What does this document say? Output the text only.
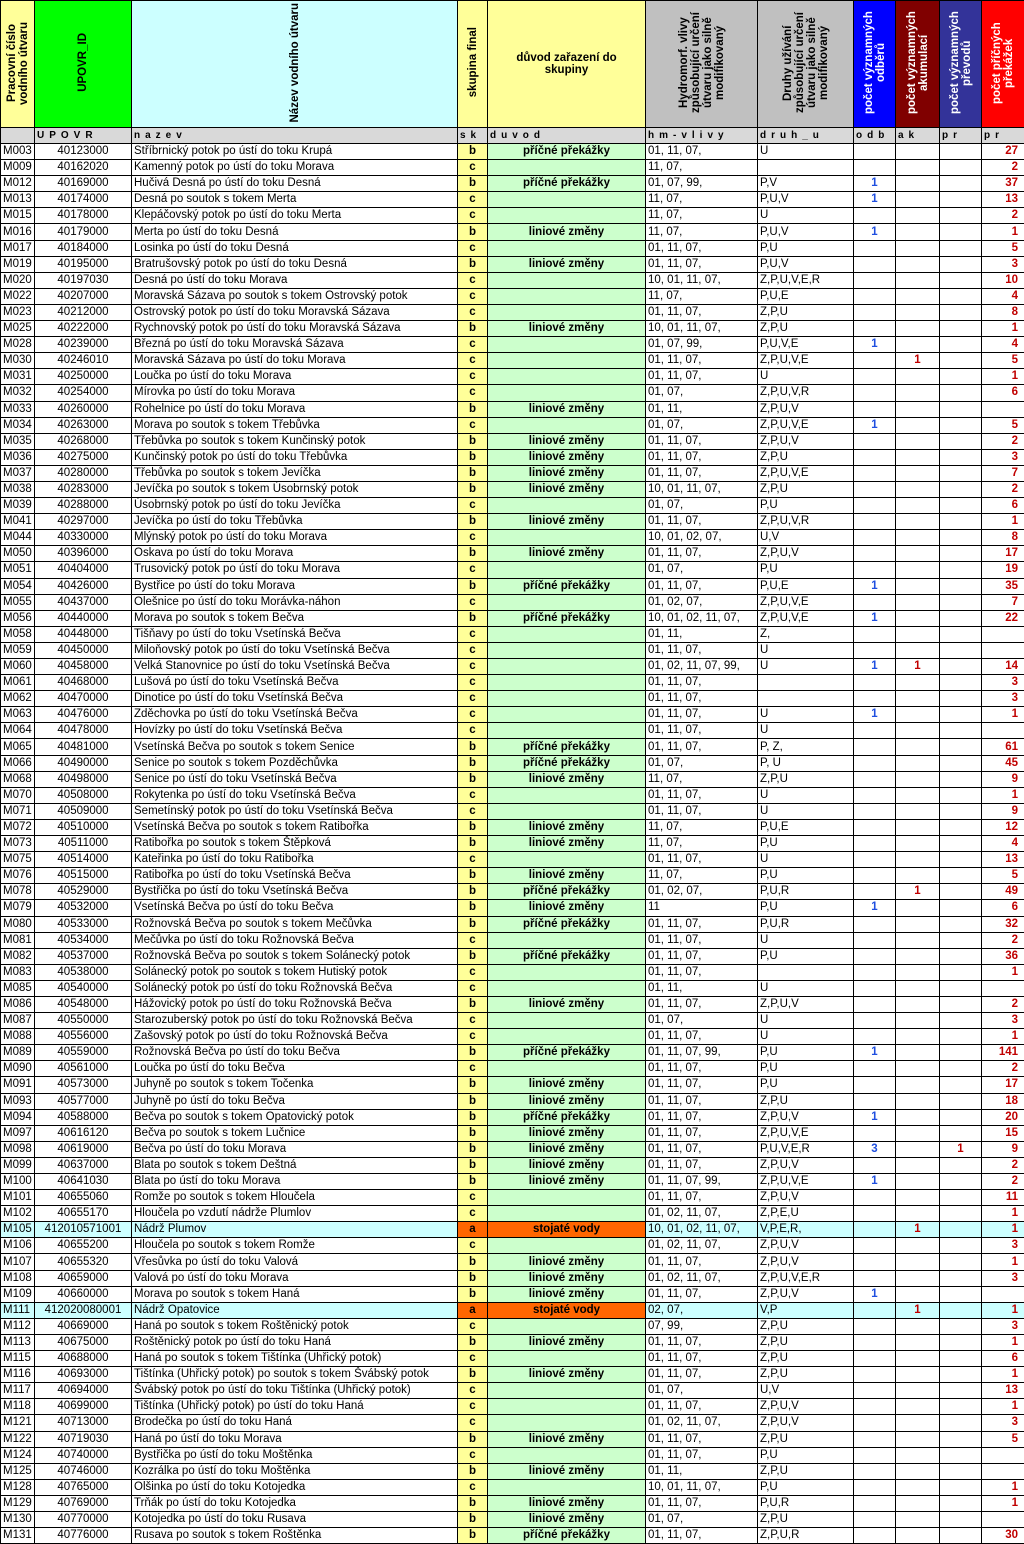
Pracovní číslo vodního útvaru	UPOVR_ID	Název vodního útvaru	skupina final	důvod zařazení do skupiny	Hydromorf. vlivy způsobující určení útvaru jako silně modifikovaný	Druhy užívání způsobující určení útvaru jako silně modifikovaný	počet významných odběrů	počet významných akumulací	počet významných převodů	počet příčných překážek
	UPOVR	nazev	sk	duvod	hm-vlivy	druh_u	odb	ak	pr	pr
M003	40123000	Stříbrnický potok po ústí do toku Krupá	b	příčné překážky	01, 11, 07,	U				27
M009	40162020	Kamenný potok po ústí do toku Morava	c		11, 07,					2
M012	40169000	Hučivá Desná po ústí do toku Desná	b	příčné překážky	01, 07, 99,	P,V	1			37
M013	40174000	Desná po soutok s tokem Merta	c		11, 07,	P,U,V	1			13
M015	40178000	Klepáčovský potok po ústí do toku Merta	c		11, 07,	U				2
M016	40179000	Merta po ústí do toku Desná	b	liniové změny	11, 07,	P,U,V	1			1
M017	40184000	Losinka po ústí do toku Desná	c		01, 11, 07,	P,U				5
M019	40195000	Bratrušovský potok po ústí do toku Desná	b	liniové změny	01, 11, 07,	P,U,V				3
M020	40197030	Desná po ústí do toku Morava	c		10, 01, 11, 07,	Z,P,U,V,E,R				10
M022	40207000	Moravská Sázava po soutok s tokem Ostrovský potok	c		11, 07,	P,U,E				4
M023	40212000	Ostrovský potok po ústí do toku Moravská Sázava	c		01, 11, 07,	Z,P,U				8
M025	40222000	Rychnovský potok po ústí do toku Moravská Sázava	b	liniové změny	10, 01, 11, 07,	Z,P,U				1
M028	40239000	Březná po ústí do toku Moravská Sázava	c		01, 07, 99,	P,U,V,E	1			4
M030	40246010	Moravská Sázava po ústí do toku Morava	c		01, 11, 07,	Z,P,U,V,E		1		5
M031	40250000	Loučka po ústí do toku Morava	c		01, 11, 07,	U				1
M032	40254000	Mírovka po ústí do toku Morava	c		01, 07,	Z,P,U,V,R				6
M033	40260000	Rohelnice po ústí do toku Morava	b	liniové změny	01, 11,	Z,P,U,V				
M034	40263000	Morava po soutok s tokem Třebůvka	c		01, 07,	Z,P,U,V,E	1			5
M035	40268000	Třebůvka po soutok s tokem Kunčinský potok	b	liniové změny	01, 11, 07,	Z,P,U,V				2
M036	40275000	Kunčinský potok po ústí do toku Třebůvka	b	liniové změny	01, 11, 07,	Z,P,U				3
M037	40280000	Třebůvka po soutok s tokem Jevíčka	b	liniové změny	01, 11, 07,	Z,P,U,V,E				7
M038	40283000	Jevíčka po soutok s tokem Úsobrnský potok	b	liniové změny	10, 01, 11, 07,	Z,P,U				2
M039	40288000	Úsobrnský potok po ústí do toku Jevíčka	c		01, 07,	P,U				6
M041	40297000	Jevíčka po ústí do toku Třebůvka	b	liniové změny	01, 11, 07,	Z,P,U,V,R				1
M044	40330000	Mlýnský potok po ústí do toku Morava	c		10, 01, 02, 07,	U,V				8
M050	40396000	Oskava po ústí do toku Morava	b	liniové změny	01, 11, 07,	Z,P,U,V				17
M051	40404000	Trusovický potok po ústí do toku Morava	c		01, 07,	P,U				19
M054	40426000	Bystřice po ústí do toku Morava	b	příčné překážky	01, 11, 07,	P,U,E	1			35
M055	40437000	Olešnice po ústí do toku Morávka-náhon	c		01, 02, 07,	Z,P,U,V,E				7
M056	40440000	Morava po soutok s tokem Bečva	b	příčné překážky	10, 01, 02, 11, 07,	Z,P,U,V,E	1			22
M058	40448000	Tišňavy po ústí do toku Vsetínská Bečva	c		01, 11,	Z,				
M059	40450000	Miloňovský potok po ústí do toku Vsetínská Bečva	c		01, 11, 07,	U				
M060	40458000	Velká Stanovnice po ústí do toku Vsetínská Bečva	c		01, 02, 11, 07, 99,	U	1	1		14
M061	40468000	Lušová po ústí do toku Vsetínská Bečva	c		01, 11, 07,					3
M062	40470000	Dinotice po ústí do toku Vsetínská Bečva	c		01, 11, 07,					3
M063	40476000	Zděchovka po ústí do toku Vsetínská Bečva	c		01, 11, 07,	U	1			1
M064	40478000	Hovízky po ústí do toku Vsetínská Bečva	c		01, 11, 07,	U				
M065	40481000	Vsetínská Bečva po soutok s tokem Senice	b	příčné překážky	01, 11, 07,	P, Z,				61
M066	40490000	Senice po soutok s tokem Pozděchůvka	b	příčné překážky	01, 07,	P, U				45
M068	40498000	Senice po ústí do toku Vsetínská Bečva	b	liniové změny	11, 07,	Z,P,U				9
M070	40508000	Rokytenka po ústí do toku Vsetínská Bečva	c		01, 11, 07,	U				1
M071	40509000	Semetínský potok po ústí do toku Vsetínská Bečva	c		01, 11, 07,	U				9
M072	40510000	Vsetínská Bečva po soutok s tokem Ratibořka	b	liniové změny	11, 07,	P,U,E				12
M073	40511000	Ratibořka po soutok s tokem Štěpková	b	liniové změny	11, 07,	P,U				4
M075	40514000	Kateřinka po ústí do toku Ratibořka	c		01, 11, 07,	U				13
M076	40515000	Ratibořka po ústí do toku Vsetínská Bečva	b	liniové změny	11, 07,	P,U				5
M078	40529000	Bystřička po ústí do toku Vsetínská Bečva	b	příčné překážky	01, 02, 07,	P,U,R		1		49
M079	40532000	Vsetínská Bečva po ústí do toku Bečva	b	liniové změny	11	P,U	1			6
M080	40533000	Rožnovská Bečva po soutok s tokem Mečůvka	b	příčné překážky	01, 11, 07,	P,U,R				32
M081	40534000	Mečůvka po ústí do toku Rožnovská Bečva	c		01, 11, 07,	U				2
M082	40537000	Rožnovská Bečva po soutok s tokem Solánecký potok	b	příčné překážky	01, 11, 07,	P,U				36
M083	40538000	Solánecký potok po soutok s tokem Hutiský potok	c		01, 11, 07,					1
M085	40540000	Solánecký potok po ústí do toku Rožnovská Bečva	c		01, 11,	U				
M086	40548000	Hážovický potok po ústí do toku Rožnovská Bečva	b	liniové změny	01, 11, 07,	Z,P,U,V				2
M087	40550000	Starozuberský potok po ústí do toku Rožnovská Bečva	c		01, 07,	U				3
M088	40556000	Zašovský potok po ústí do toku Rožnovská Bečva	c		01, 11, 07,	U				1
M089	40559000	Rožnovská Bečva po ústí do toku Bečva	b	příčné překážky	01, 11, 07, 99,	P,U	1			141
M090	40561000	Loučka po ústí do toku Bečva	c		01, 11, 07,	P,U				2
M091	40573000	Juhyně po soutok s tokem Točenka	b	liniové změny	01, 11, 07,	P,U				17
M093	40577000	Juhyně po ústí do toku Bečva	b	liniové změny	01, 11, 07,	Z,P,U				18
M094	40588000	Bečva po soutok s tokem Opatovický potok	b	příčné překážky	01, 11, 07,	Z,P,U,V	1			20
M097	40616120	Bečva po soutok s tokem Lučnice	b	liniové změny	01, 11, 07,	Z,P,U,V,E				15
M098	40619000	Bečva po ústí do toku Morava	b	liniové změny	01, 11, 07,	P,U,V,E,R	3		1	9
M099	40637000	Blata po soutok s tokem Deštná	b	liniové změny	01, 11, 07,	Z,P,U,V				2
M100	40641030	Blata po ústí do toku Morava	b	liniové změny	01, 11, 07, 99,	Z,P,U,V,E	1			2
M101	40655060	Romže po soutok s tokem Hloučela	c		01, 11, 07,	Z,P,U,V				11
M102	40655170	Hloučela po vzdutí nádrže Plumlov	c		01, 02, 11, 07,	Z,P,E,U				1
M105	412010571001	Nádrž Plumov	a	stojaté vody	10, 01, 02, 11, 07,	V,P,E,R,		1		1
M106	40655200	Hloučela po soutok s tokem Romže	c		01, 02, 11, 07,	Z,P,U,V				3
M107	40655320	Vřesůvka po ústí do toku Valová	b	liniové změny	01, 11, 07,	Z,P,U,V				1
M108	40659000	Valová po ústí do toku Morava	b	liniové změny	01, 02, 11, 07,	Z,P,U,V,E,R				3
M109	40660000	Morava po soutok s tokem Haná	b	liniové změny	01, 11, 07,	Z,P,U,V	1			
M111	412020080001	Nádrž Opatovice	a	stojaté vody	02, 07,	V,P		1		1
M112	40669000	Haná po soutok s tokem Roštěnický potok	c		07, 99,	Z,P,U				3
M113	40675000	Roštěnický potok po ústí do toku Haná	b	liniové změny	01, 11, 07,	Z,P,U				1
M115	40688000	Haná po soutok s tokem Tištínka (Uhřický potok)	c		01, 11, 07,	Z,P,U				6
M116	40693000	Tištínka (Uhřický potok) po soutok s tokem Švábský potok	b	liniové změny	01, 11, 07,	Z,P,U				1
M117	40694000	Švábský potok po ústí do toku Tištínka (Uhřický potok)	c		01, 07,	U,V				13
M118	40699000	Tištínka (Uhřický potok) po ústí do toku Haná	c		01, 11, 07,	Z,P,U,V				1
M121	40713000	Brodečka po ústí do toku Haná	c		01, 02, 11, 07,	Z,P,U,V				3
M122	40719030	Haná po ústí do toku Morava	b	liniové změny	01, 11, 07,	Z,P,U				5
M124	40740000	Bystřička po ústí do toku Moštěnka	c		01, 11, 07,	P,U				
M125	40746000	Kozrálka po ústí do toku Moštěnka	b	liniové změny	01, 11,	Z,P,U				
M128	40765000	Olšinka po ústí do toku Kotojedka	c		10, 01, 11, 07,	P,U				1
M129	40769000	Trňák po ústí do toku Kotojedka	b	liniové změny	01, 11, 07,	P,U,R				1
M130	40770000	Kotojedka po ústí do toku Rusava	b	liniové změny	01, 07,	Z,P,U				
M131	40776000	Rusava po soutok s tokem Roštěnka	b	příčné překážky	01, 11, 07,	Z,P,U,R				30
